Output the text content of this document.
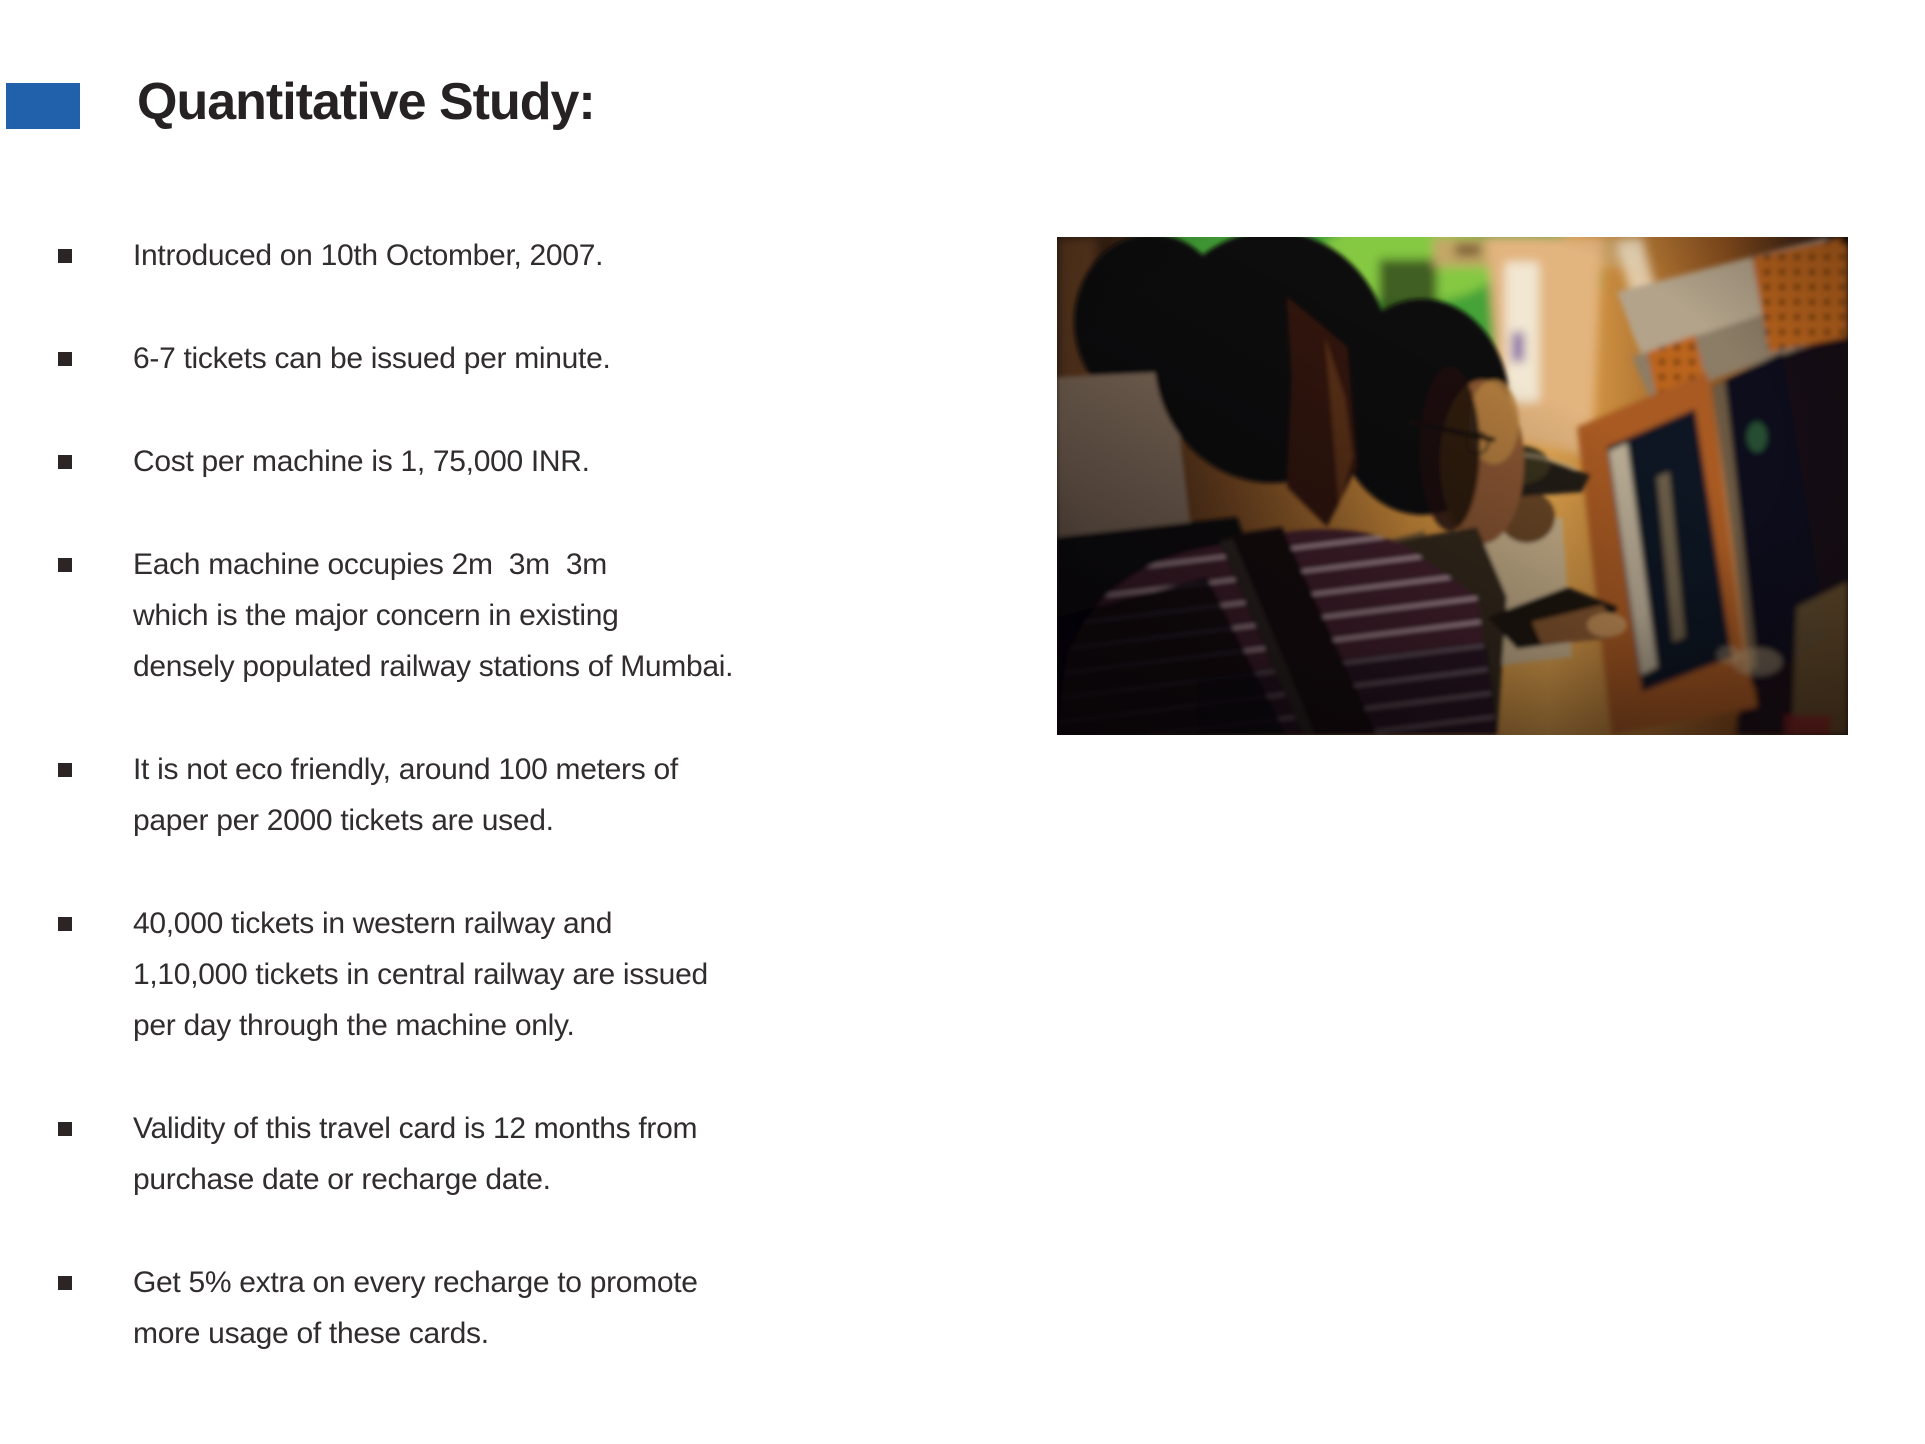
Quantitative Study:
Introduced on 10th Octomber, 2007.
6-7 tickets can be issued per minute.
Cost per machine is 1, 75,000 INR.
Each machine occupies 2m  3m  3m
which is the major concern in existing
densely populated railway stations of Mumbai.
It is not eco friendly, around 100 meters of
paper per 2000 tickets are used.
40,000 tickets in western railway and
1,10,000 tickets in central railway are issued
per day through the machine only.
Validity of this travel card is 12 months from
purchase date or recharge date.
Get 5% extra on every recharge to promote
more usage of these cards.
